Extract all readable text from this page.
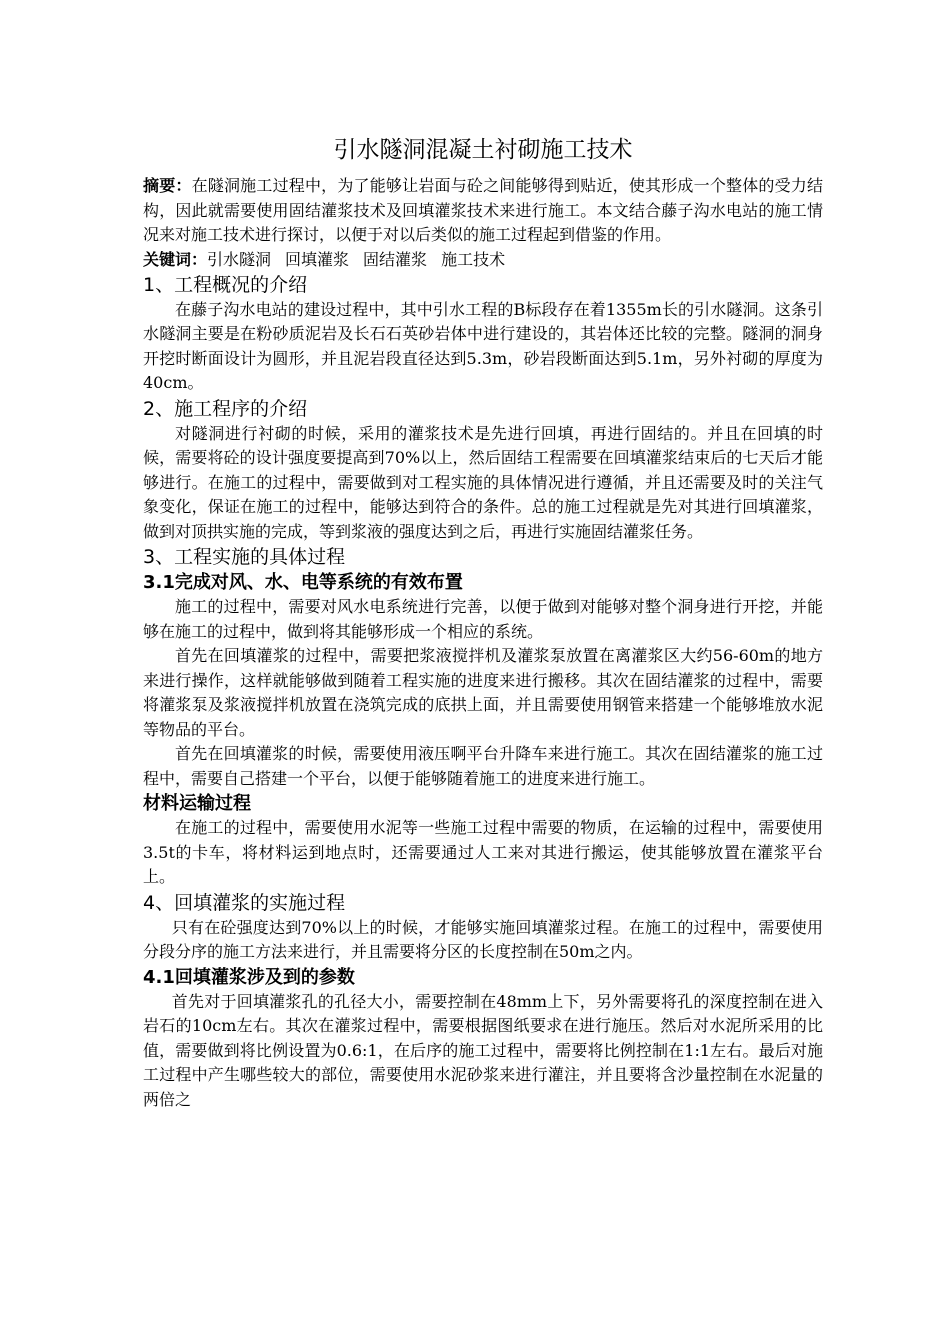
引水隧洞混凝土衬砌施工技术

摘要：在隧洞施工过程中，为了能够让岩面与砼之间能够得到贴近，使其形成一个整体的受力结构，因此就需要使用固结灌浆技术及回填灌浆技术来进行施工。本文结合藤子沟水电站的施工情况来对施工技术进行探讨，以便于对以后类似的施工过程起到借鉴的作用。

关键词：引水隧洞 回填灌浆 固结灌浆 施工技术

1、工程概况的介绍

在藤子沟水电站的建设过程中，其中引水工程的B标段存在着1355m长的引水隧洞。这条引水隧洞主要是在粉砂质泥岩及长石石英砂岩体中进行建设的，其岩体还比较的完整。隧洞的洞身开挖时断面设计为圆形，并且泥岩段直径达到5.3m，砂岩段断面达到5.1m，另外衬砌的厚度为40cm。

2、施工程序的介绍

对隧洞进行衬砌的时候，采用的灌浆技术是先进行回填，再进行固结的。并且在回填的时候，需要将砼的设计强度要提高到70%以上，然后固结工程需要在回填灌浆结束后的七天后才能够进行。在施工的过程中，需要做到对工程实施的具体情况进行遵循，并且还需要及时的关注气象变化，保证在施工的过程中，能够达到符合的条件。总的施工过程就是先对其进行回填灌浆，做到对顶拱实施的完成，等到浆液的强度达到之后，再进行实施固结灌浆任务。

3、工程实施的具体过程
3.1完成对风、水、电等系统的有效布置

施工的过程中，需要对风水电系统进行完善，以便于做到对能够对整个洞身进行开挖，并能够在施工的过程中，做到将其能够形成一个相应的系统。

首先在回填灌浆的过程中，需要把浆液搅拌机及灌浆泵放置在离灌浆区大约56-60m的地方来进行操作，这样就能够做到随着工程实施的进度来进行搬移。其次在固结灌浆的过程中，需要将灌浆泵及浆液搅拌机放置在浇筑完成的底拱上面，并且需要使用钢管来搭建一个能够堆放水泥等物品的平台。

首先在回填灌浆的时候，需要使用液压啊平台升降车来进行施工。其次在固结灌浆的施工过程中，需要自己搭建一个平台，以便于能够随着施工的进度来进行施工。

材料运输过程

在施工的过程中，需要使用水泥等一些施工过程中需要的物质，在运输的过程中，需要使用3.5t的卡车，将材料运到地点时，还需要通过人工来对其进行搬运，使其能够放置在灌浆平台上。

4、回填灌浆的实施过程

只有在砼强度达到70%以上的时候，才能够实施回填灌浆过程。在施工的过程中，需要使用分段分序的施工方法来进行，并且需要将分区的长度控制在50m之内。

4.1回填灌浆涉及到的参数

首先对于回填灌浆孔的孔径大小，需要控制在48mm上下，另外需要将孔的深度控制在进入岩石的10cm左右。其次在灌浆过程中，需要根据图纸要求在进行施压。然后对水泥所采用的比值，需要做到将比例设置为0.6:1，在后序的施工过程中，需要将比例控制在1:1左右。最后对施工过程中产生哪些较大的部位，需要使用水泥砂浆来进行灌注，并且要将含沙量控制在水泥量的两倍之
